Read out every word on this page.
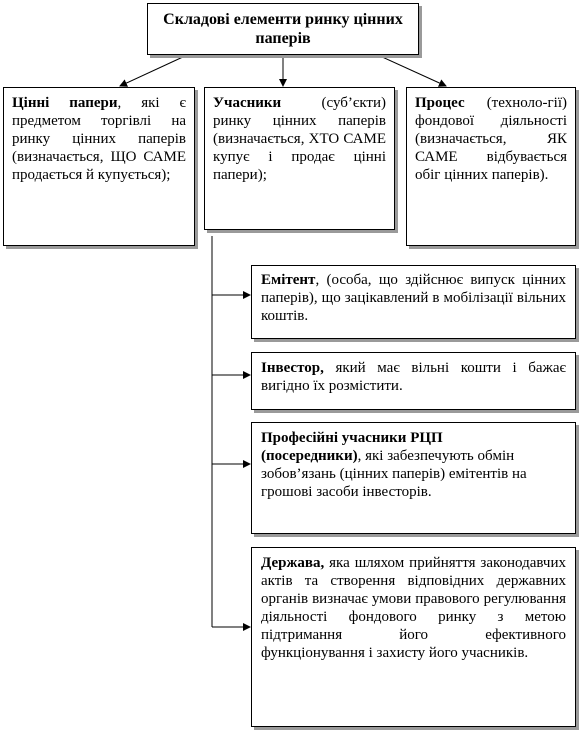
Складові елементи ринку цінних паперів
Цінні папери, які є предметом торгівлі на ринку цінних паперів (визначається, ЩО САМЕ продається й купується);
Учасники (суб’єкти) ринку цінних паперів (визначається, ХТО САМЕ купує і продає цінні папери);
Процес (техноло-гії) фондової діяльності (визначається, ЯК САМЕ відбувається обіг цінних паперів).
Емітент, (особа, що здійснює випуск цінних паперів), що зацікавлений в мобілізації вільних коштів.
Інвестор, який має вільні кошти і бажає вигідно їх розмістити.
Професійні учасники РЦП (посередники), які забезпечують обмін зобов’язань (цінних паперів) емітентів на грошові засоби інвесторів.
Держава, яка шляхом прийняття законодавчих актів та створення відповідних державних органів визначає умови правового регулювання діяльності фондового ринку з метою підтримання його ефективного функціонування і захисту його учасників.
